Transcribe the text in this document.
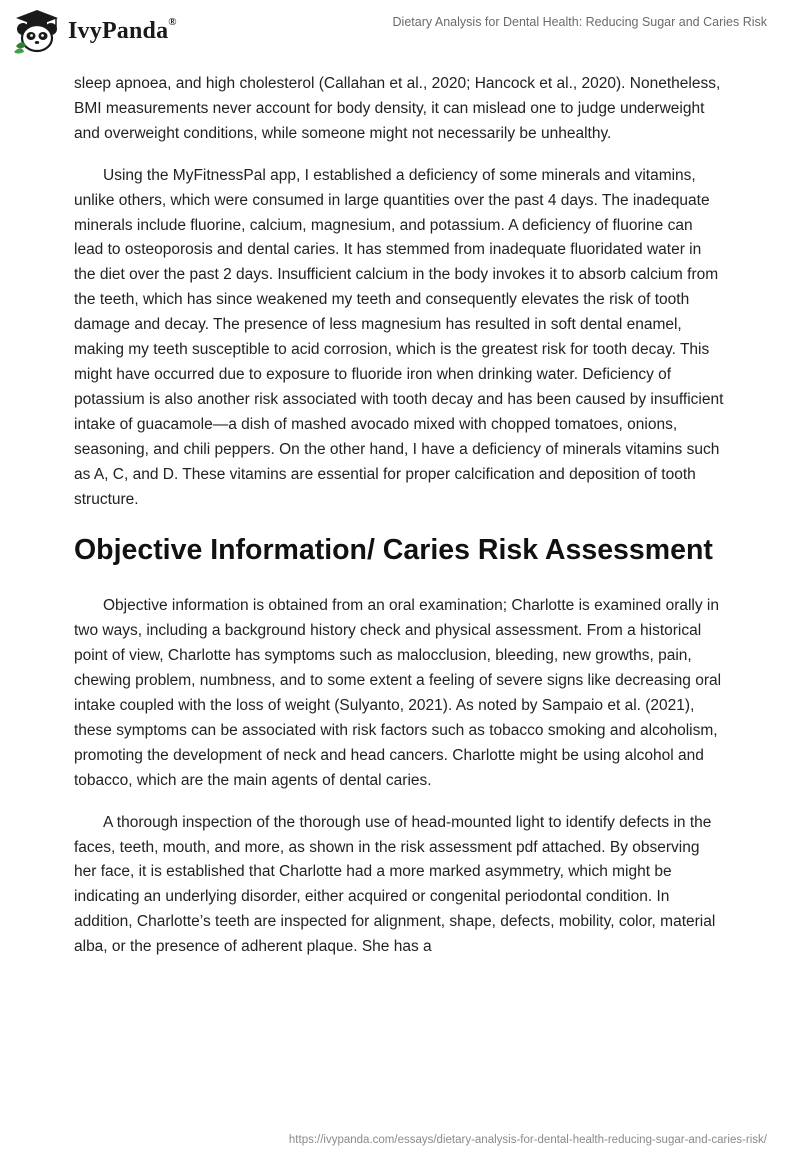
IvyPanda®	Dietary Analysis for Dental Health: Reducing Sugar and Caries Risk

sleep apnoea, and high cholesterol (Callahan et al., 2020; Hancock et al., 2020). Nonetheless, BMI measurements never account for body density, it can mislead one to judge underweight and overweight conditions, while someone might not necessarily be unhealthy.

Using the MyFitnessPal app, I established a deficiency of some minerals and vitamins, unlike others, which were consumed in large quantities over the past 4 days. The inadequate minerals include fluorine, calcium, magnesium, and potassium. A deficiency of fluorine can lead to osteoporosis and dental caries. It has stemmed from inadequate fluoridated water in the diet over the past 2 days. Insufficient calcium in the body invokes it to absorb calcium from the teeth, which has since weakened my teeth and consequently elevates the risk of tooth damage and decay. The presence of less magnesium has resulted in soft dental enamel, making my teeth susceptible to acid corrosion, which is the greatest risk for tooth decay. This might have occurred due to exposure to fluoride iron when drinking water. Deficiency of potassium is also another risk associated with tooth decay and has been caused by insufficient intake of guacamole—a dish of mashed avocado mixed with chopped tomatoes, onions, seasoning, and chili peppers. On the other hand, I have a deficiency of minerals vitamins such as A, C, and D. These vitamins are essential for proper calcification and deposition of tooth structure.

Objective Information/ Caries Risk Assessment

Objective information is obtained from an oral examination; Charlotte is examined orally in two ways, including a background history check and physical assessment. From a historical point of view, Charlotte has symptoms such as malocclusion, bleeding, new growths, pain, chewing problem, numbness, and to some extent a feeling of severe signs like decreasing oral intake coupled with the loss of weight (Sulyanto, 2021). As noted by Sampaio et al. (2021), these symptoms can be associated with risk factors such as tobacco smoking and alcoholism, promoting the development of neck and head cancers. Charlotte might be using alcohol and tobacco, which are the main agents of dental caries.

A thorough inspection of the thorough use of head-mounted light to identify defects in the faces, teeth, mouth, and more, as shown in the risk assessment pdf attached. By observing her face, it is established that Charlotte had a more marked asymmetry, which might be indicating an underlying disorder, either acquired or congenital periodontal condition. In addition, Charlotte’s teeth are inspected for alignment, shape, defects, mobility, color, material alba, or the presence of adherent plaque. She has a

https://ivypanda.com/essays/dietary-analysis-for-dental-health-reducing-sugar-and-caries-risk/
